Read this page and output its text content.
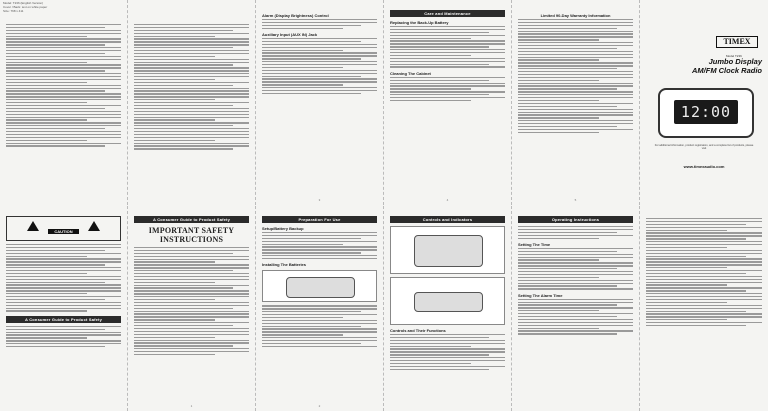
Model: T236 (English Version)
Cover / Back: text on white paper
Size: 768 x 411
Alarm (Display Brightness) Control
Auxiliary Input (AUX IN) Jack
3
Care and Maintenance
Replacing the Back-Up Battery
Cleaning The Cabinet
4
Limited 90-Day Warranty Information
5
TIMEX
Model T236
Jumbo Display
AM/FM Clock Radio
12:00
For additional information, product registration, and a complete list of products, please visit
www.timexaudio.com
CAUTION
A Consumer Guide to Product Safety
A Consumer Guide to Product Safety
IMPORTANT SAFETY INSTRUCTIONS
1
Preparation For Use
Setup/Battery Backup
Installing The Batteries
2
Controls and Indicators
Controls and Their Functions
Operating Instructions
Setting The Time
Setting The Alarm Time
